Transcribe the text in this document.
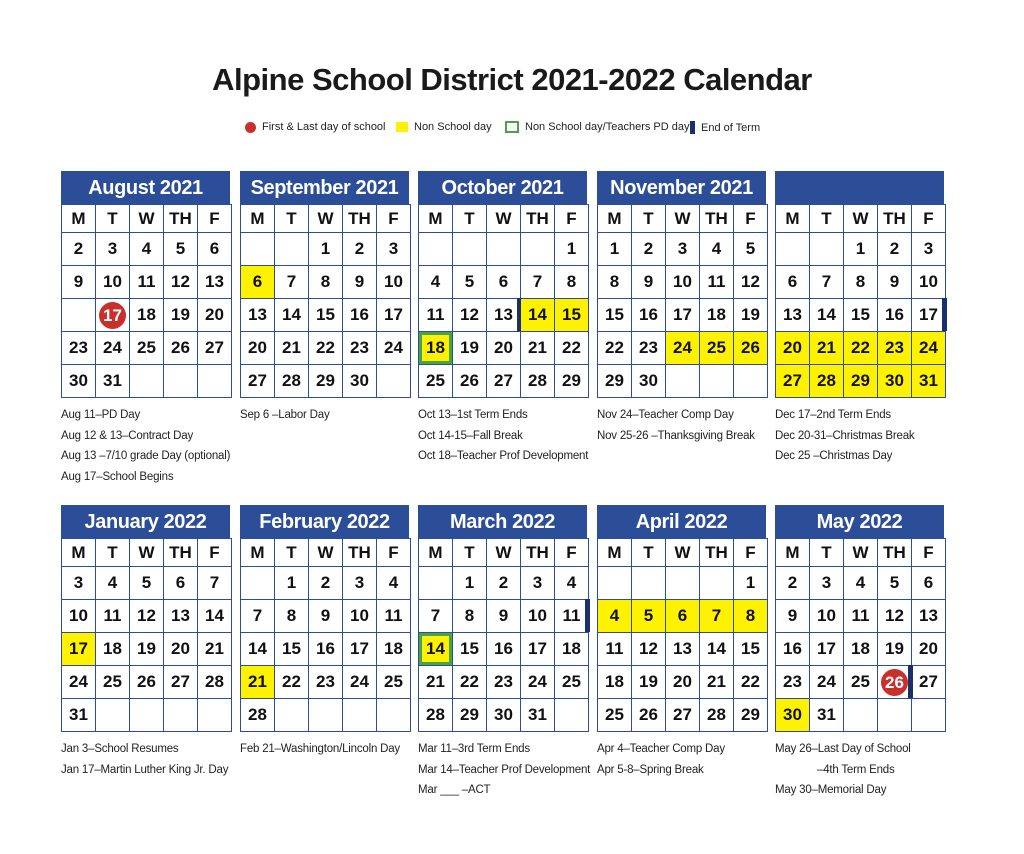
Alpine School District 2021-2022 Calendar
First & Last day of school	Non School day	Non School day/Teachers PD day End of Term
August 2021
M	T	W	TH	F
2	3	4	5	6
9	10	11	12	13
	17	18	19	20
23	24	25	26	27
30	31			
Aug 11–PD Day
Aug 12 & 13–Contract Day
Aug 13 –7/10 grade Day (optional)
Aug 17–School Begins
September 2021
M	T	W	TH	F
		1	2	3
6	7	8	9	10
13	14	15	16	17
20	21	22	23	24
27	28	29	30	
Sep 6 –Labor Day
October 2021
M	T	W	TH	F
				1
4	5	6	7	8
11	12	13	14	15
18	19	20	21	22
25	26	27	28	29
Oct 13–1st Term Ends
Oct 14-15–Fall Break
Oct 18–Teacher Prof Development
November 2021
M	T	W	TH	F
1	2	3	4	5
8	9	10	11	12
15	16	17	18	19
22	23	24	25	26
29	30			
Nov 24–Teacher Comp Day
Nov 25-26 –Thanksgiving Break
M	T	W	TH	F
		1	2	3
6	7	8	9	10
13	14	15	16	17
20	21	22	23	24
27	28	29	30	31
Dec 17–2nd Term Ends
Dec 20-31–Christmas Break
Dec 25 –Christmas Day
January 2022
M	T	W	TH	F
3	4	5	6	7
10	11	12	13	14
17	18	19	20	21
24	25	26	27	28
31				
Jan 3–School Resumes
Jan 17–Martin Luther King Jr. Day
February 2022
M	T	W	TH	F
	1	2	3	4
7	8	9	10	11
14	15	16	17	18
21	22	23	24	25
28				
Feb 21–Washington/Lincoln Day
March 2022
M	T	W	TH	F
	1	2	3	4
7	8	9	10	11
14	15	16	17	18
21	22	23	24	25
28	29	30	31	
Mar 11–3rd Term Ends
Mar 14–Teacher Prof Development
Mar ___ –ACT
April 2022
M	T	W	TH	F
				1
4	5	6	7	8
11	12	13	14	15
18	19	20	21	22
25	26	27	28	29
Apr 4–Teacher Comp Day
Apr 5-8–Spring Break
May 2022
M	T	W	TH	F
2	3	4	5	6
9	10	11	12	13
16	17	18	19	20
23	24	25	26	27
30	31			
May 26–Last Day of School
–4th Term Ends
May 30–Memorial Day
